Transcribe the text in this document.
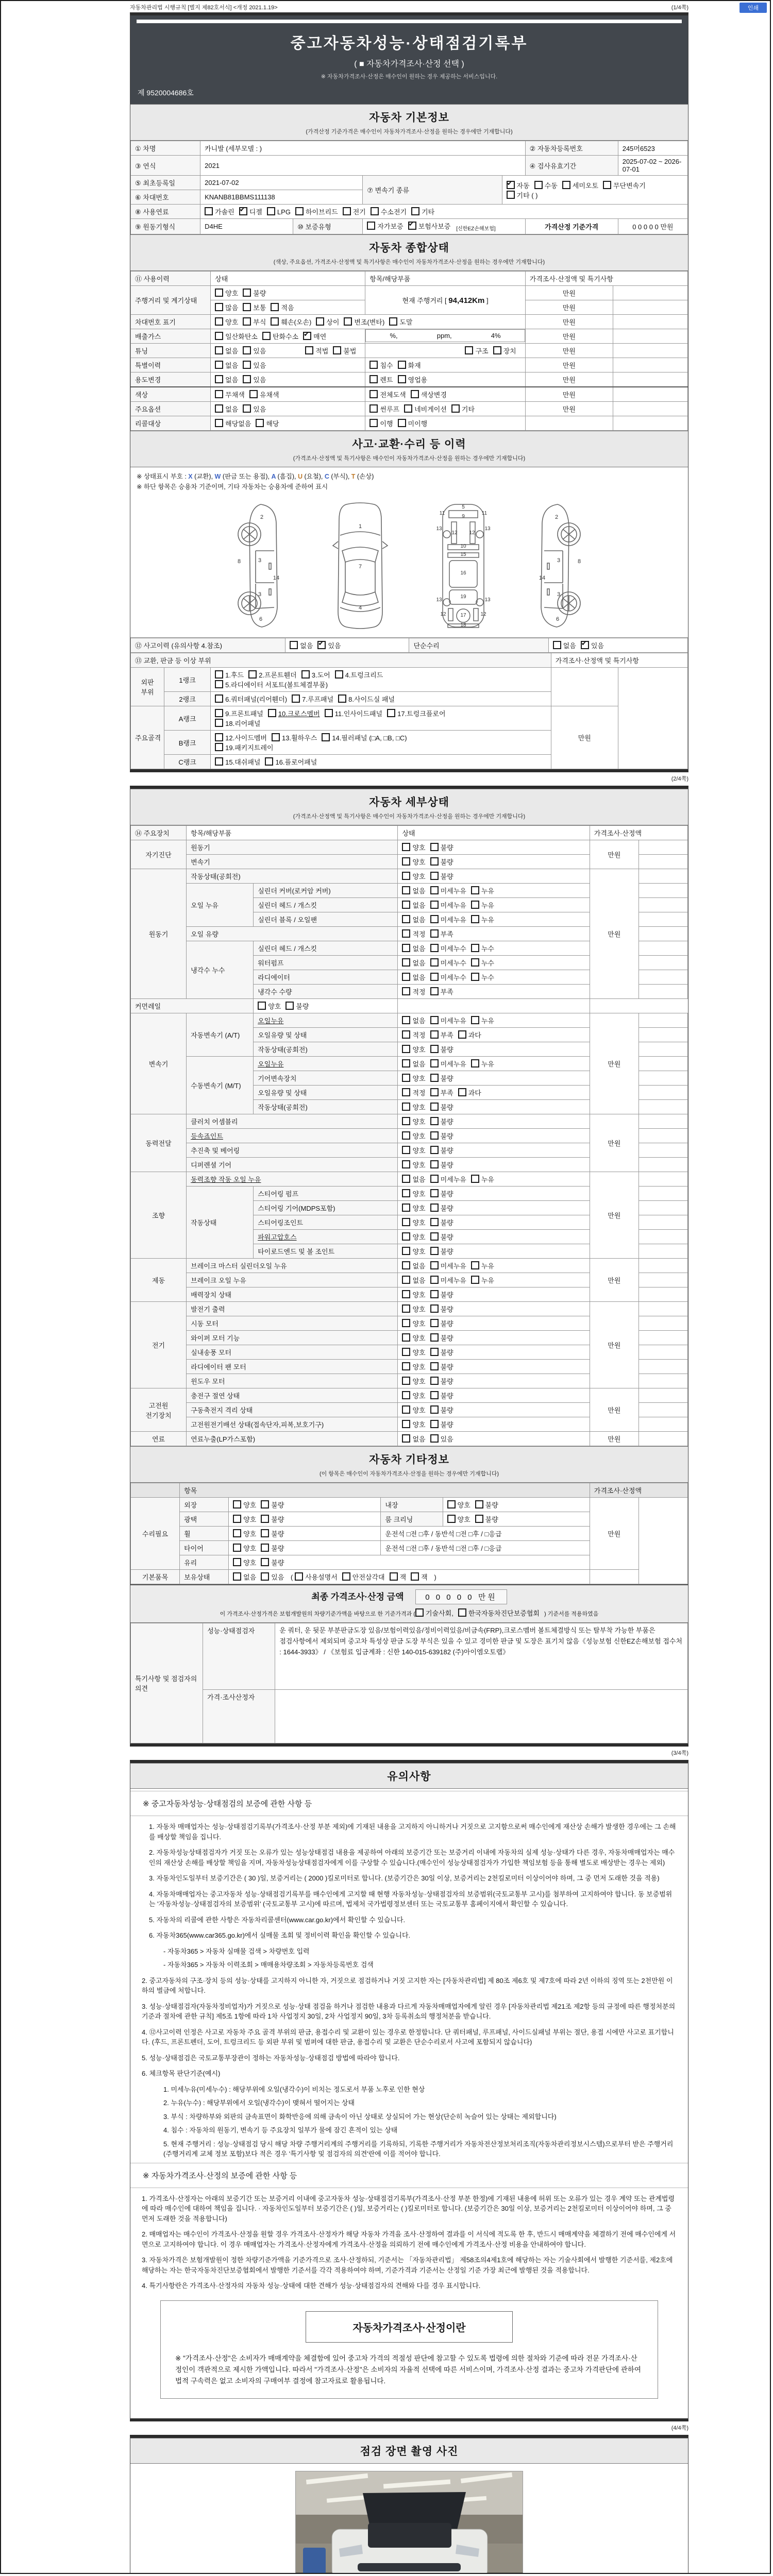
인쇄
자동차관리법 시행규칙 [별지 제82호서식] <개정 2021.1.19>	(1/4쪽)
중고자동차성능·상태점검기록부
( ■ 자동차가격조사·산정 선택 )
※ 자동차가격조사·산정은 매수인이 원하는 경우 제공하는 서비스입니다.
제 9520004686호
자동차 기본정보
(가격산정 기준가격은 매수인이 자동차가격조사·산정을 원하는 경우에만 기재합니다)
① 차명	카니발 (세부모델 : )				② 자동차등록번호	245머6523
③ 연식	2021				④ 검사유효기간	2025-07-02 ~ 2026-07-01
⑤ 최초등록일	2021-07-02		⑦ 변속기 종류	✔자동 수동 세미오토 무단변속기기타 ( )
⑥ 차대번호	KNANB81BBMS111138					
⑧ 사용연료	가솔린 ✔ 디젤 LPG 하이브리드 전기 수소전기 기타
⑨ 원동기형식	D4HE	⑩ 보증유형	자가보증 ✔ 보험사보증 $_{[신한EZ손해보험]}$		가격산정 기준가격	0 0 0 0 0 만원
자동차 종합상태
(색상, 주요옵션, 가격조사·산정액 및 특기사항은 매수인이 자동차가격조사·산정을 원하는 경우에만 기재합니다)
⑪ 사용이력	상태	항목/해당부품	가격조사·산정액 및 특기사항	
주행거리 및 계기상태	양호 불량	현재 주행거리 [ 94,412Km ]	만원	
	많음 보통 적음		만원	
차대번호 표기	양호 부식 훼손(오손) 상이 변조(변타) 도말		만원	
배출가스	일산화탄소 탄화수소 ✔ 매연		%,	ppm,	4%	만원	
튜닝	없음 있음 적법 불법	구조 장치	만원	
특별이력	없음 있음	침수 화재	만원	
용도변경	없음 있음	렌트 영업용	만원	
색상	무채색 유채색	전체도색 색상변경	만원	
주요옵션	없음 있음	썬루프 네비게이션 기타	만원	
리콜대상	해당없음 해당	이행 미이행		
사고·교환·수리 등 이력
(가격조사·산정액 및 특기사항은 매수인이 자동차가격조사·산정을 원하는 경우에만 기재합니다)
※ 상태표시 부호 : X (교환), W (판금 또는 용접), A (흠집), U (요철), C (부식), T (손상)
※ 하단 항목은 승용차 기준이며, 기타 자동차는 승용차에 준하여 표시
2
8	3
14
3
6
1
7
4
5
9
11	11
13
12 12
13
10
15
16
19
13	13
12	12
17
18
2
8
3
14
3
6
⑫ 사고이력 (유의사항 4.참조)	없음 ✔ 있음	단순수리	없음 ✔ 있음
⑬ 교환, 판금 등 이상 부위			가격조사·산정액 및 특기사항	
외판 부위	1랭크	1.후드 2.프론트휀더 3.도어 4.트렁크리드
5.라디에이터 서포트(볼트체결부품)		

	2랭크	6.쿼터패널(리어휀더) 7.루프패널 8.사이드실 패널		

주요골격	A랭크	9.프론트패널 10.크로스멤버 11.인사이드패널 17.트렁크플로어
18.리어패널	만원	
	B랭크	12.사이드멤버 13.휠하우스 14.필러패널 (□A, □B, □C)
19.패키지트레이		

	C랭크	15.대쉬패널 16.플로어패널		
(2/4쪽)
자동차 세부상태
(가격조사·산정액 및 특기사항은 매수인이 자동차가격조사·산정을 원하는 경우에만 기재합니다)
⑭ 주요장치	항목/해당부품		상태	가격조사·산정액	
자기진단	원동기		양호 불량	만원	
	변속기		양호 불량		
원동기	작동상태(공회전)		양호 불량	만원	
	오일 누유	실린더 커버(로커암 커버)	없음 미세누유 누유		
		실린더 헤드 / 개스킷	없음 미세누유 누유		
		실린더 블록 / 오일팬	없음 미세누유 누유		
	오일 유량		적정 부족		
	냉각수 누수	실린더 헤드 / 개스킷	없음 미세누수 누수		
		워터펌프	없음 미세누수 누수		
		라디에이터	없음 미세누수 누수		
		냉각수 수량	적정 부족		
커먼레일		양호 불량			
변속기	자동변속기 (A/T)	오일누유	없음 미세누유 누유	만원	
		오일유량 및 상태	적정 부족 과다		
		작동상태(공회전)	양호 불량		
	수동변속기 (M/T)	오일누유	없음 미세누유 누유		
		기어변속장치	양호 불량		
		오일유량 및 상태	적정 부족 과다		
		작동상태(공회전)	양호 불량		
동력전달	클러치 어셈블리		양호 불량	만원	
	등속죠인트		양호 불량		
	추진축 및 베어링		양호 불량		
	디퍼렌셜 기어		양호 불량		
조향	동력조향 작동 오일 누유		없음 미세누유 누유	만원	
	작동상태	스티어링 펌프	양호 불량		
		스티어링 기어(MDPS포함)	양호 불량		
		스티어링조인트	양호 불량		
		파워고압호스	양호 불량		
		타이로드엔드 및 볼 조인트	양호 불량		
제동	브레이크 마스터 실린더오일 누유		없음 미세누유 누유	만원	
	브레이크 오일 누유		없음 미세누유 누유		
	배력장치 상태		양호 불량		
전기	발전기 출력		양호 불량	만원	
	시동 모터		양호 불량		
	와이퍼 모터 기능		양호 불량		
	실내송풍 모터		양호 불량		
	라디에이터 팬 모터		양호 불량		
	윈도우 모터		양호 불량		
고전원 전기장치	충전구 절연 상태		양호 불량	만원	
	구동축전지 격리 상태		양호 불량		
	고전원전기배선 상태(접속단자,피복,보호기구)		양호 불량		
연료	연료누출(LP가스포함)		없음 있음	만원	
자동차 기타정보
(이 항목은 매수인이 자동차가격조사·산정을 원하는 경우에만 기재합니다)
	항목				가격조사·산정액	
수리필요	외장	양호 불량	내장	양호 불량	만원	
	광택	양호 불량	룸 크리닝	양호 불량		
	휠	양호 불량	운전석 □전 □후 / 동반석 □전 □후 / □응급			
	타이어	양호 불량	운전석 □전 □후 / 동반석 □전 □후 / □응급			
	유리	양호 불량				
기본품목	보유상태	없음 있음 ( 사용설명서 안전삼각대 잭 잭 )				
최종 가격조사·산정 금액	0 0 0 0 0 만원
이 가격조사·산정가격은 보험개발원의 차량기준가액을 바탕으로 한 기준가격과 ( 기술사회, 한국자동차진단보증협회 ) 기준서를 적용하였음
특기사항 및 점검자의 의견	성능·상태점검자	운 쿼터, 운 뒷문 부분판금도장 있음/보험이력있음/정비이력있음/비금속(FRP),크로스멤버 볼트체결방식 또는 탈부착 가능한 부품은 점검사항에서 제외되며 중고차 특성상 판금 도장 부식은 있을 수 있고 경미한 판금 및 도장은 표기치 않음《성능보험 신한EZ손해보험 접수처 : 1644-3933》 / 《보험료 입금계좌 : 신한 140-015-639182 (주)아이엠오토랩》
	가격·조사산정자	
(3/4쪽)
유의사항
※ 중고자동차성능·상태점검의 보증에 관한 사항 등
1. 자동차 매매업자는 성능·상태점검기록부(가격조사·산정 부분 제외)에 기재된 내용을 고지하지 아니하거나 거짓으로 고지함으로써 매수인에게 재산상 손해가 발생한 경우에는 그 손해를 배상할 책임을 집니다.
2. 자동차성능상태점검자가 거짓 또는 오류가 있는 성능상태점검 내용을 제공하여 아래의 보증기간 또는 보증거리 이내에 자동차의 실제 성능·상태가 다른 경우, 자동차매매업자는 매수인의 재산상 손해를 배상할 책임을 지며, 자동차성능상태점검자에게 이를 구상할 수 있습니다.(매수인이 성능상태점검자가 가입한 책임보험 등을 통해 별도로 배상받는 경우는 제외)
3. 자동차인도일부터 보증기간은 ( 30 )일, 보증거리는 ( 2000 )킬로미터로 합니다. (보증기간은 30일 이상, 보증거리는 2천킬로미터 이상이어야 하며, 그 중 먼저 도래한 것을 적용)
4. 자동차매매업자는 중고자동차 성능·상태점검기록부를 매수인에게 고지할 때 현행 자동차성능·상태점검자의 보증범위(국토교통부 고시)를 첨부하여 고지하여야 합니다. 동 보증범위는 '자동차성능·상태점검자의 보증범위' (국토교통부 고시)에 따르며, 법제처 국가법령정보센터 또는 국토교통부 홈페이지에서 확인할 수 있습니다.
5. 자동차의 리콜에 관한 사항은 자동차리콜센터(www.car.go.kr)에서 확인할 수 있습니다.
6. 자동차365(www.car365.go.kr)에서 실매물 조회 및 정비이력 확인을 확인할 수 있습니다.
- 자동차365 > 자동차 실매물 검색 > 차량번호 입력
- 자동차365 > 자동차 이력조회 > 매매용차량조회 > 자동차등록번호 검색
2. 중고자동차의 구조·장치 등의 성능·상태를 고지하지 아니한 자, 거짓으로 점검하거나 거짓 고지한 자는 [자동차관리법] 제 80조 제6호 및 제7호에 따라 2년 이하의 징역 또는 2천만원 이하의 벌금에 처합니다.
3. 성능·상태점검자(자동차정비업자)가 거짓으로 성능·상태 점검을 하거나 점검한 내용과 다르게 자동차매매업자에게 알린 경우 [자동차관리법 제21조 제2항 등의 규정에 따른 행정처분의 기준과 절차에 관한 규칙] 제5조 1항에 따라 1차 사업정지 30일, 2차 사업정지 90일, 3차 등록취소의 행정처분을 받습니다.
4. ⑫사고이력 인정은 사고로 자동차 주요 골격 부위의 판금, 용접수리 및 교환이 있는 경우로 한정합니다. 단 쿼터패널, 루프패널, 사이드실패널 부위는 절단, 용접 시에만 사고로 표기합니다. (후드, 프론트펜더, 도어, 트렁크리드 등 외판 부위 및 범퍼에 대한 판금, 용접수리 및 교환은 단순수리로서 사고에 포함되지 않습니다)
5. 성능·상태점검은 국토교통부장관이 정하는 자동차성능·상태점검 방법에 따라야 합니다.
6. 체크항목 판단기준(예시)
1. 미세누유(미세누수) : 해당부위에 오일(냉각수)이 비치는 정도로서 부품 노후로 인한 현상
2. 누유(누수) : 해당부위에서 오일(냉각수)이 맺혀서 떨어지는 상태
3. 부식 : 차량하부와 외판의 금속표면이 화학반응에 의해 금속이 아닌 상태로 상실되어 가는 현상(단순히 녹슬어 있는 상태는 제외합니다)
4. 침수 : 자동차의 원동기, 변속기 등 주요장치 일부가 물에 잠긴 흔적이 있는 상태
5. 현재 주행거리 : 성능·상태점검 당시 해당 차량 주행거리계의 주행거리를 기록하되, 기록한 주행거리가 자동차전산정보처리조직(자동차관리정보시스템)으로부터 받은 주행거리(주행거리계 교체 정보 포함)보다 적은 경우 '특기사항 및 점검자의 의견'란에 이를 적어야 합니다.
※ 자동차가격조사·산정의 보증에 관한 사항 등
1. 가격조사·산정자는 아래의 보증기간 또는 보증거리 이내에 중고자동차 성능·상태점검기록부(가격조사·산정 부분 한정)에 기재된 내용에 허위 또는 오류가 있는 경우 계약 또는 관계법령에 따라 매수인에 대하여 책임을 집니다. · 자동차인도일부터 보증기간은 ( )일, 보증거리는 ( )킬로미터로 합니다. (보증기간은 30일 이상, 보증거리는 2천킬로미터 이상이어야 하며, 그 중 먼저 도래한 것을 적용합니다)
2. 매매업자는 매수인이 가격조사·산정을 원할 경우 가격조사·산정자가 해당 자동차 가격을 조사·산정하여 결과를 이 서식에 적도록 한 후, 반드시 매매계약을 체결하기 전에 매수인에게 서면으로 고지하여야 합니다. 이 경우 매매업자는 가격조사·산정자에게 가격조사·산정을 의뢰하기 전에 매수인에게 가격조사·산정 비용을 안내하여야 합니다.
3. 자동차가격은 보험개발원이 정한 차량기준가액을 기준가격으로 조사·산정하되, 기준서는 「자동차관리법」 제58조의4제1호에 해당하는 자는 기술사회에서 발행한 기준서를, 제2호에 해당하는 자는 한국자동차진단보증협회에서 발행한 기준서를 각각 적용하여야 하며, 기준가격과 기준서는 산정일 기준 가장 최근에 발행된 것을 적용합니다.
4. 특기사항란은 가격조사·산정자의 자동차 성능·상태에 대한 견해가 성능·상태점검자의 견해와 다를 경우 표시합니다.
자동차가격조사·산정이란
※ "가격조사·산정"은 소비자가 매매계약을 체결함에 있어 중고차 가격의 적절성 판단에 참고할 수 있도록 법령에 의한 절차와 기준에 따라 전문 가격조사·산정인이 객관적으로 제시한 가액입니다. 따라서 "가격조사·산정"은 소비자의 자율적 선택에 따른 서비스이며, 가격조사·산정 결과는 중고차 가격판단에 관하여 법적 구속력은 없고 소비자의 구매여부 결정에 참고자료로 활용됩니다.
(4/4쪽)
점검 장면 촬영 사진
